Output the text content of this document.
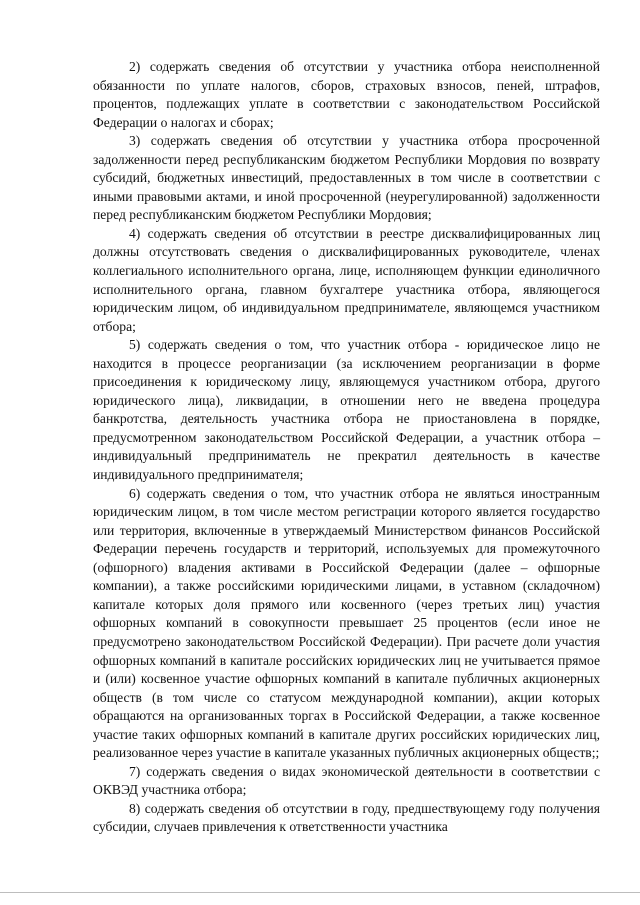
2) содержать сведения об отсутствии у участника отбора неисполненной обязанности по уплате налогов, сборов, страховых взносов, пеней, штрафов, процентов, подлежащих уплате в соответствии с законодательством Российской Федерации о налогах и сборах;

3) содержать сведения об отсутствии у участника отбора просроченной задолженности перед республиканским бюджетом Республики Мордовия по возврату субсидий, бюджетных инвестиций, предоставленных в том числе в соответствии с иными правовыми актами, и иной просроченной (неурегулированной) задолженности перед республиканским бюджетом Республики Мордовия;

4) содержать сведения об отсутствии в реестре дисквалифицированных лиц должны отсутствовать сведения о дисквалифицированных руководителе, членах коллегиального исполнительного органа, лице, исполняющем функции единоличного исполнительного органа, главном бухгалтере участника отбора, являющегося юридическим лицом, об индивидуальном предпринимателе, являющемся участником отбора;

5) содержать сведения о том, что участник отбора - юридическое лицо не находится в процессе реорганизации (за исключением реорганизации в форме присоединения к юридическому лицу, являющемуся участником отбора, другого юридического лица), ликвидации, в отношении него не введена процедура банкротства, деятельность участника отбора не приостановлена в порядке, предусмотренном законодательством Российской Федерации, а участник отбора – индивидуальный предприниматель не прекратил деятельность в качестве индивидуального предпринимателя;

6) содержать сведения о том, что участник отбора не являться иностранным юридическим лицом, в том числе местом регистрации которого является государство или территория, включенные в утверждаемый Министерством финансов Российской Федерации перечень государств и территорий, используемых для промежуточного (офшорного) владения активами в Российской Федерации (далее – офшорные компании), а также российскими юридическими лицами, в уставном (складочном) капитале которых доля прямого или косвенного (через третьих лиц) участия офшорных компаний в совокупности превышает 25 процентов (если иное не предусмотрено законодательством Российской Федерации). При расчете доли участия офшорных компаний в капитале российских юридических лиц не учитывается прямое и (или) косвенное участие офшорных компаний в капитале публичных акционерных обществ (в том числе со статусом международной компании), акции которых обращаются на организованных торгах в Российской Федерации, а также косвенное участие таких офшорных компаний в капитале других российских юридических лиц, реализованное через участие в капитале указанных публичных акционерных обществ;;

7) содержать сведения о видах экономической деятельности в соответствии с ОКВЭД участника отбора;

8) содержать сведения об отсутствии в году, предшествующему году получения субсидии, случаев привлечения к ответственности участника
